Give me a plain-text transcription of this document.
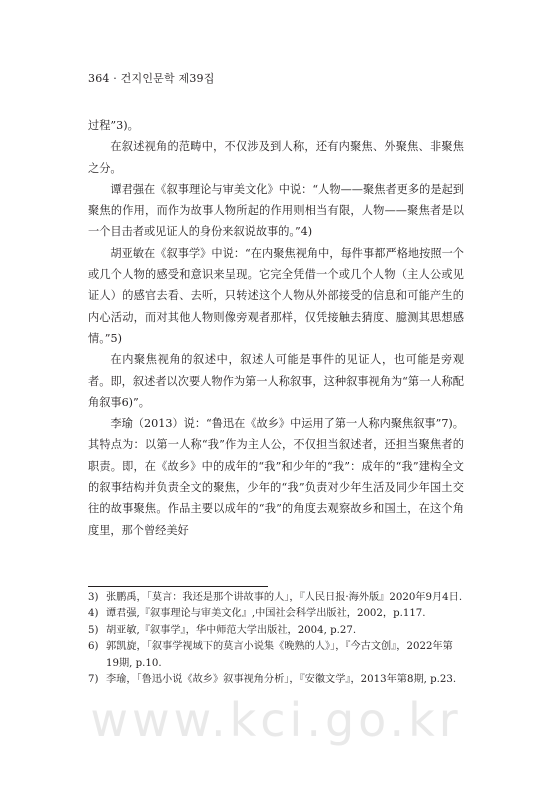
364 · 건지인문학 제39집

过程”3)。

在叙述视角的范畴中，不仅涉及到人称，还有内聚焦、外聚焦、非聚焦之分。

谭君强在《叙事理论与审美文化》中说：“人物——聚焦者更多的是起到聚焦的作用，而作为故事人物所起的作用则相当有限，人物——聚焦者是以一个目击者或见证人的身份来叙说故事的。”4)

胡亚敏在《叙事学》中说：“在内聚焦视角中，每件事都严格地按照一个或几个人物的感受和意识来呈现。它完全凭借一个或几个人物（主人公或见证人）的感官去看、去听，只转述这个人物从外部接受的信息和可能产生的内心活动，而对其他人物则像旁观者那样，仅凭接触去猜度、臆测其思想感情。”5)

在内聚焦视角的叙述中，叙述人可能是事件的见证人，也可能是旁观者。即，叙述者以次要人物作为第一人称叙事，这种叙事视角为“第一人称配角叙事6)”。

李瑜（2013）说：“鲁迅在《故乡》中运用了第一人称内聚焦叙事”7)。其特点为：以第一人称“我”作为主人公，不仅担当叙述者，还担当聚焦者的职责。即，在《故乡》中的成年的“我”和少年的“我”：成年的“我”建构全文的叙事结构并负责全文的聚焦，少年的“我”负责对少年生活及同少年国土交往的故事聚焦。作品主要以成年的“我”的角度去观察故乡和国土，在这个角度里，那个曾经美好

3) 张鹏禹，「莫言：我还是那个讲故事的人」，『人民日报·海外版』2020年9月4日.
4) 谭君强,『叙事理论与审美文化』,中国社会科学出版社，2002，p.117.
5) 胡亚敏,『叙事学』，华中师范大学出版社，2004, p.27.
6) 郭凯旋，「叙事学视域下的莫言小说集《晚熟的人》」，『今古文创』，2022年第19期, p.10.
7) 李瑜，「鲁迅小说《故乡》叙事视角分析」，『安徽文学』，2013年第8期, p.23.
www.kci.go.kr
